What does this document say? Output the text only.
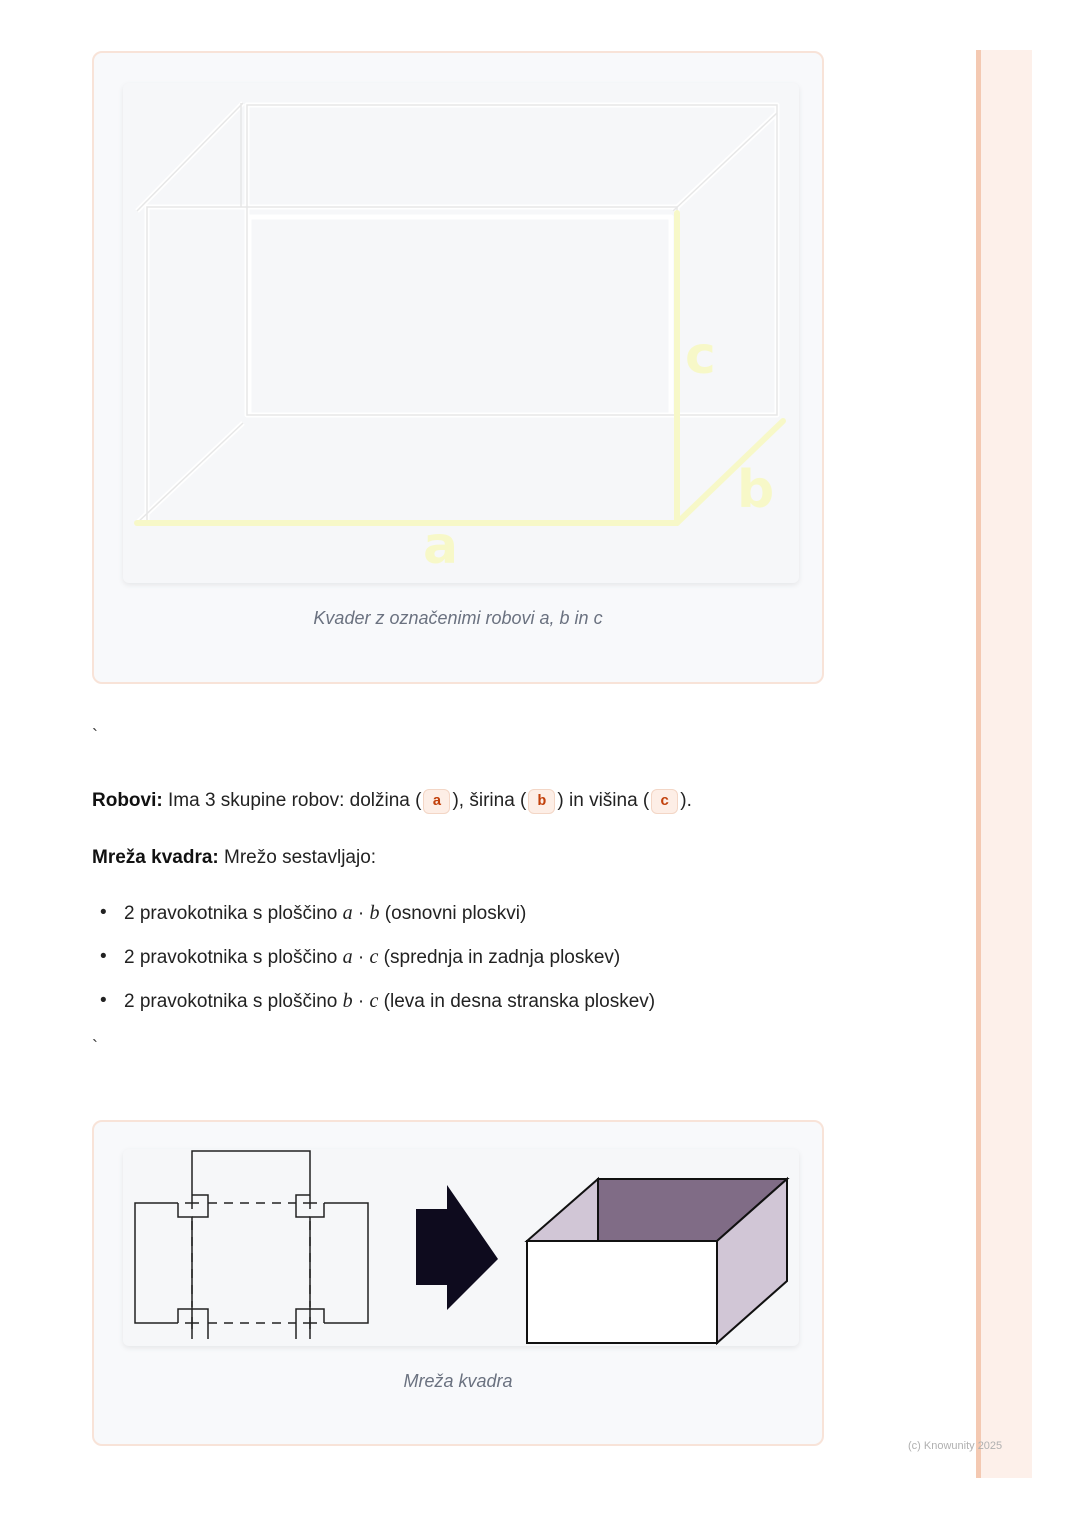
a
c
b
Kvader z označenimi robovi a, b in c
`
Robovi: Ima 3 skupine robov: dolžina ( a ), širina ( b ) in višina ( c ).
Mreža kvadra: Mrežo sestavljajo:
• 2 pravokotnika s ploščino a · b (osnovni ploskvi)
• 2 pravokotnika s ploščino a · c (sprednja in zadnja ploskev)
• 2 pravokotnika s ploščino b · c (leva in desna stranska ploskev)
`
Mreža kvadra
(c) Knowunity 2025
